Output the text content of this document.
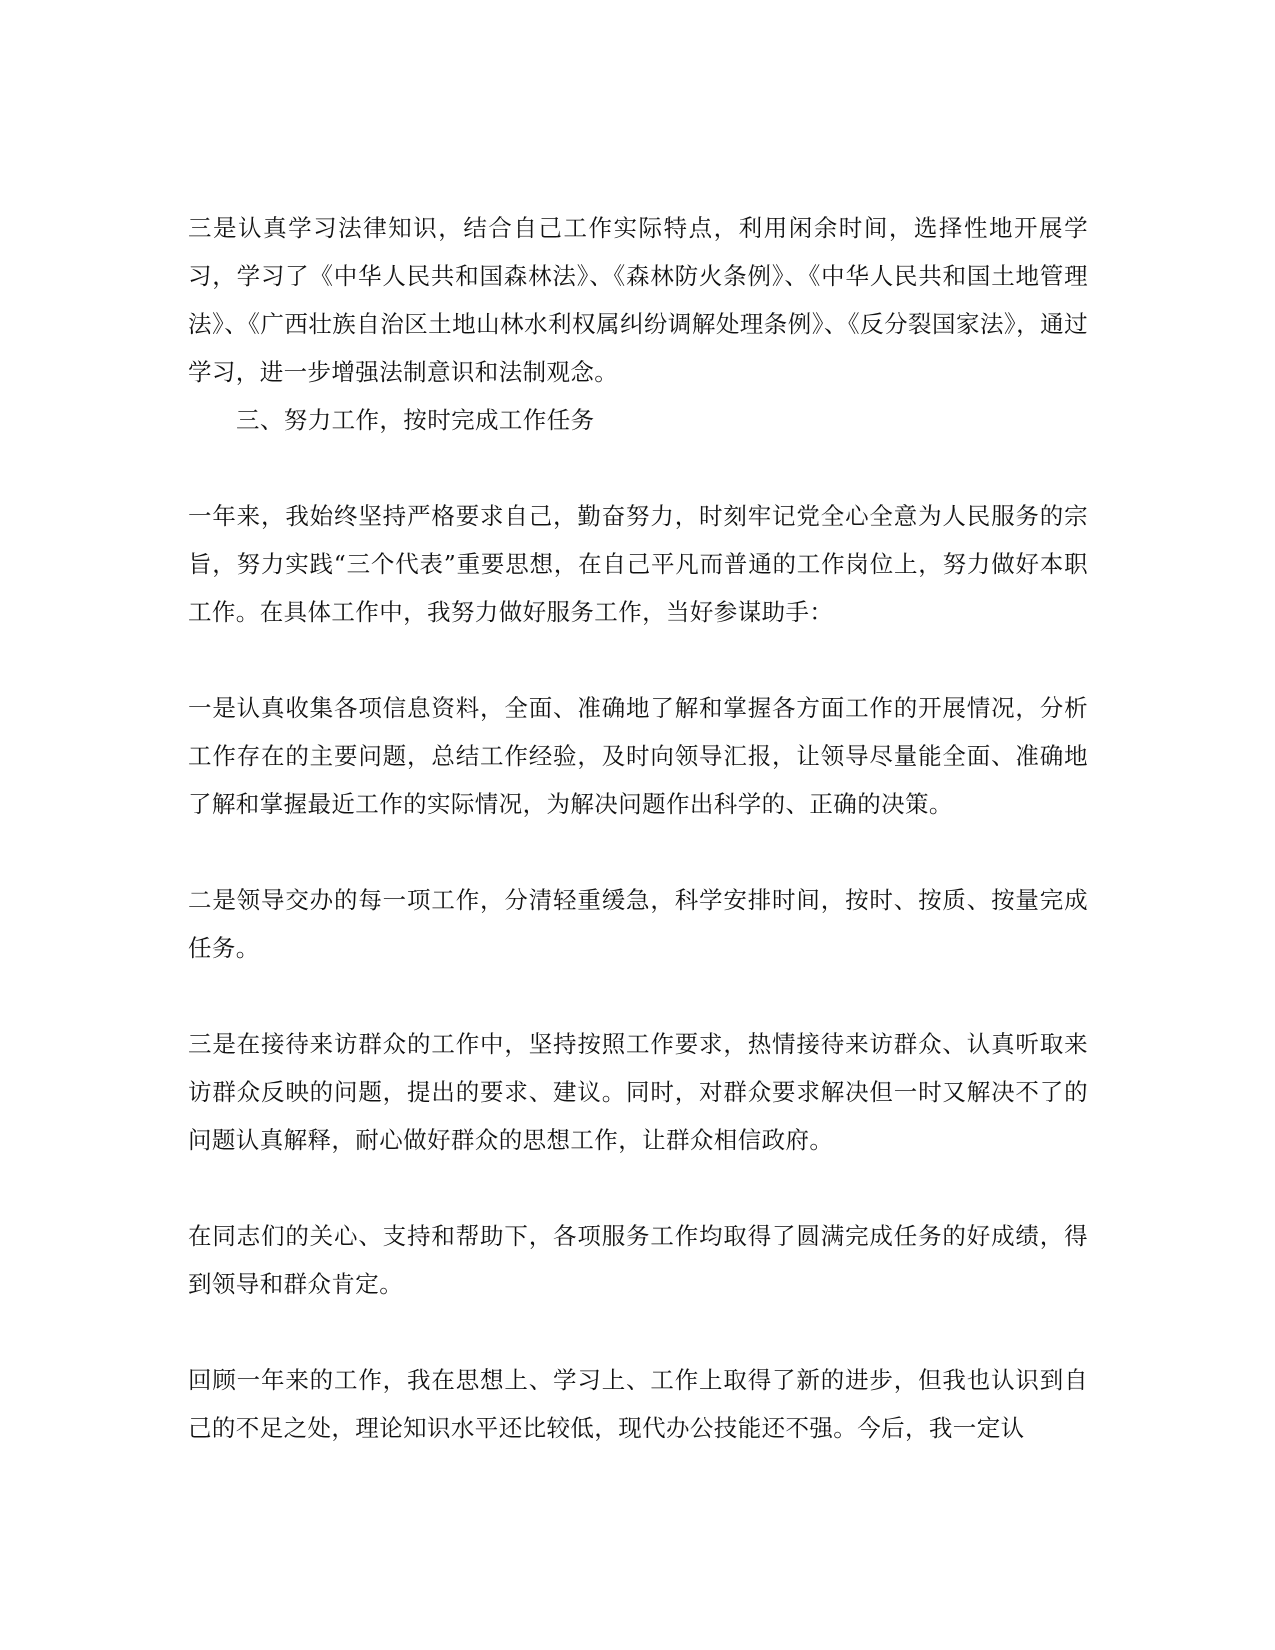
三是认真学习法律知识，结合自己工作实际特点，利用闲余时间，选择性地开展学习，学习了《中华人民共和国森林法》、《森林防火条例》、《中华人民共和国土地管理法》、《广西壮族自治区土地山林水利权属纠纷调解处理条例》、《反分裂国家法》，通过学习，进一步增强法制意识和法制观念。

三、努力工作，按时完成工作任务

一年来，我始终坚持严格要求自己，勤奋努力，时刻牢记党全心全意为人民服务的宗旨，努力实践“三个代表”重要思想，在自己平凡而普通的工作岗位上，努力做好本职工作。在具体工作中，我努力做好服务工作，当好参谋助手：

一是认真收集各项信息资料，全面、准确地了解和掌握各方面工作的开展情况，分析工作存在的主要问题，总结工作经验，及时向领导汇报，让领导尽量能全面、准确地了解和掌握最近工作的实际情况，为解决问题作出科学的、正确的决策。

二是领导交办的每一项工作，分清轻重缓急，科学安排时间，按时、按质、按量完成任务。

三是在接待来访群众的工作中，坚持按照工作要求，热情接待来访群众、认真听取来访群众反映的问题，提出的要求、建议。同时，对群众要求解决但一时又解决不了的问题认真解释，耐心做好群众的思想工作，让群众相信政府。

在同志们的关心、支持和帮助下，各项服务工作均取得了圆满完成任务的好成绩，得到领导和群众肯定。

回顾一年来的工作，我在思想上、学习上、工作上取得了新的进步，但我也认识到自己的不足之处，理论知识水平还比较低，现代办公技能还不强。今后，我一定认
